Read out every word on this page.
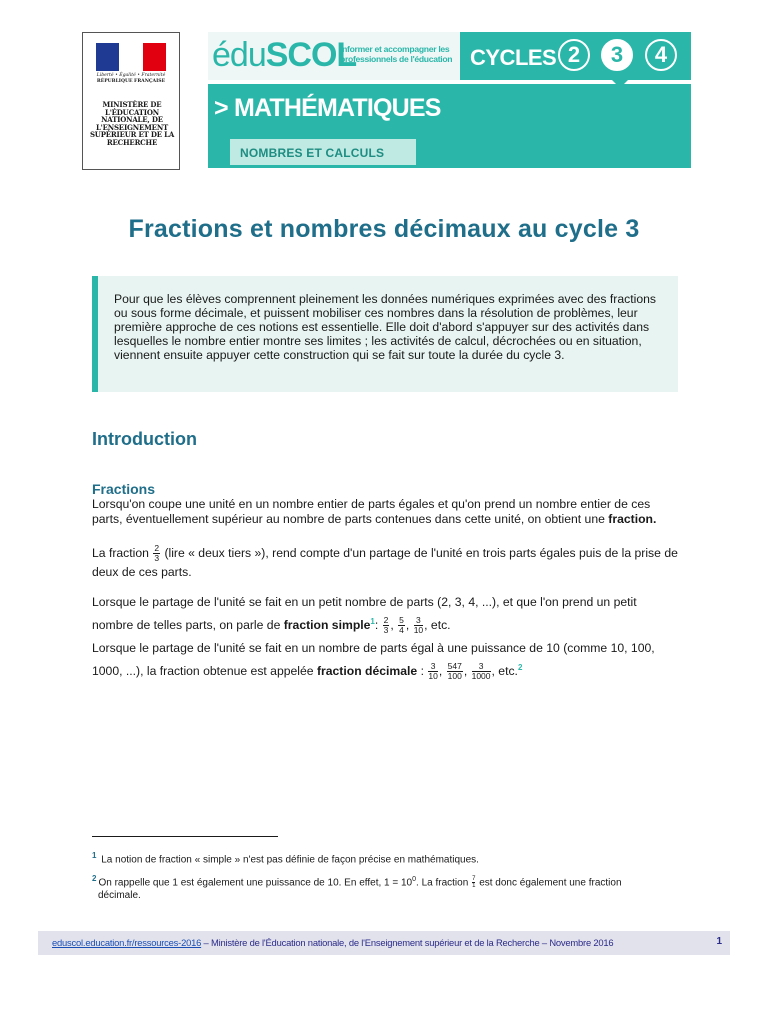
Liberté • Égalité • Fraternité
RÉPUBLIQUE FRANÇAISE
MINISTÈRE DE L'ÉDUCATION NATIONALE, DE L'ENSEIGNEMENT SUPÉRIEUR ET DE LA RECHERCHE
éduSCOL
Informer et accompagner les professionnels de l'éducation CYCLES 2	3	4
> MATHÉMATIQUES
NOMBRES ET CALCULS
Fractions et nombres décimaux au cycle 3

Pour que les élèves comprennent pleinement les données numériques exprimées avec des fractions ou sous forme décimale, et puissent mobiliser ces nombres dans la résolution de problèmes, leur première approche de ces notions est essentielle. Elle doit d'abord s'appuyer sur des activités dans lesquelles le nombre entier montre ses limites ; les activités de calcul, décrochées ou en situation, viennent ensuite appuyer cette construction qui se fait sur toute la durée du cycle 3.

Introduction
Fractions

Lorsqu'on coupe une unité en un nombre entier de parts égales et qu'on prend un nombre entier de ces parts, éventuellement supérieur au nombre de parts contenues dans cette unité, on obtient une fraction.

La fraction $\frac{2}{3}$ (lire « deux tiers »), rend compte d'un partage de l'unité en trois parts égales puis de la prise de deux de ces parts.

Lorsque le partage de l'unité se fait en un petit nombre de parts (2, 3, 4, ...), et que l'on prend un petit nombre de telles parts, on parle de fraction simple$^1$: $\frac{2}{3}$ , $\frac{5}{4}$ , $\frac{3}{10}$ , etc.

Lorsque le partage de l'unité se fait en un nombre de parts égal à une puissance de 10 (comme 10, 100, 1000, ...), la fraction obtenue est appelée fraction décimale : $\frac{3}{10}$ , $\frac{547}{100}$ , $\frac{3}{1000}$ , etc.$^2$

$^1$ La notion de fraction « simple » n'est pas définie de façon précise en mathématiques.

$^2$ On rappelle que 1 est également une puissance de 10. En effet, $1 = 10^0$. La fraction $\frac{7}{1}$ est donc également une fraction
décimale.

eduscol.education.fr/ressources-2016 – Ministère de l'Éducation nationale, de l'Enseignement supérieur et de la Recherche – Novembre 2016	1
